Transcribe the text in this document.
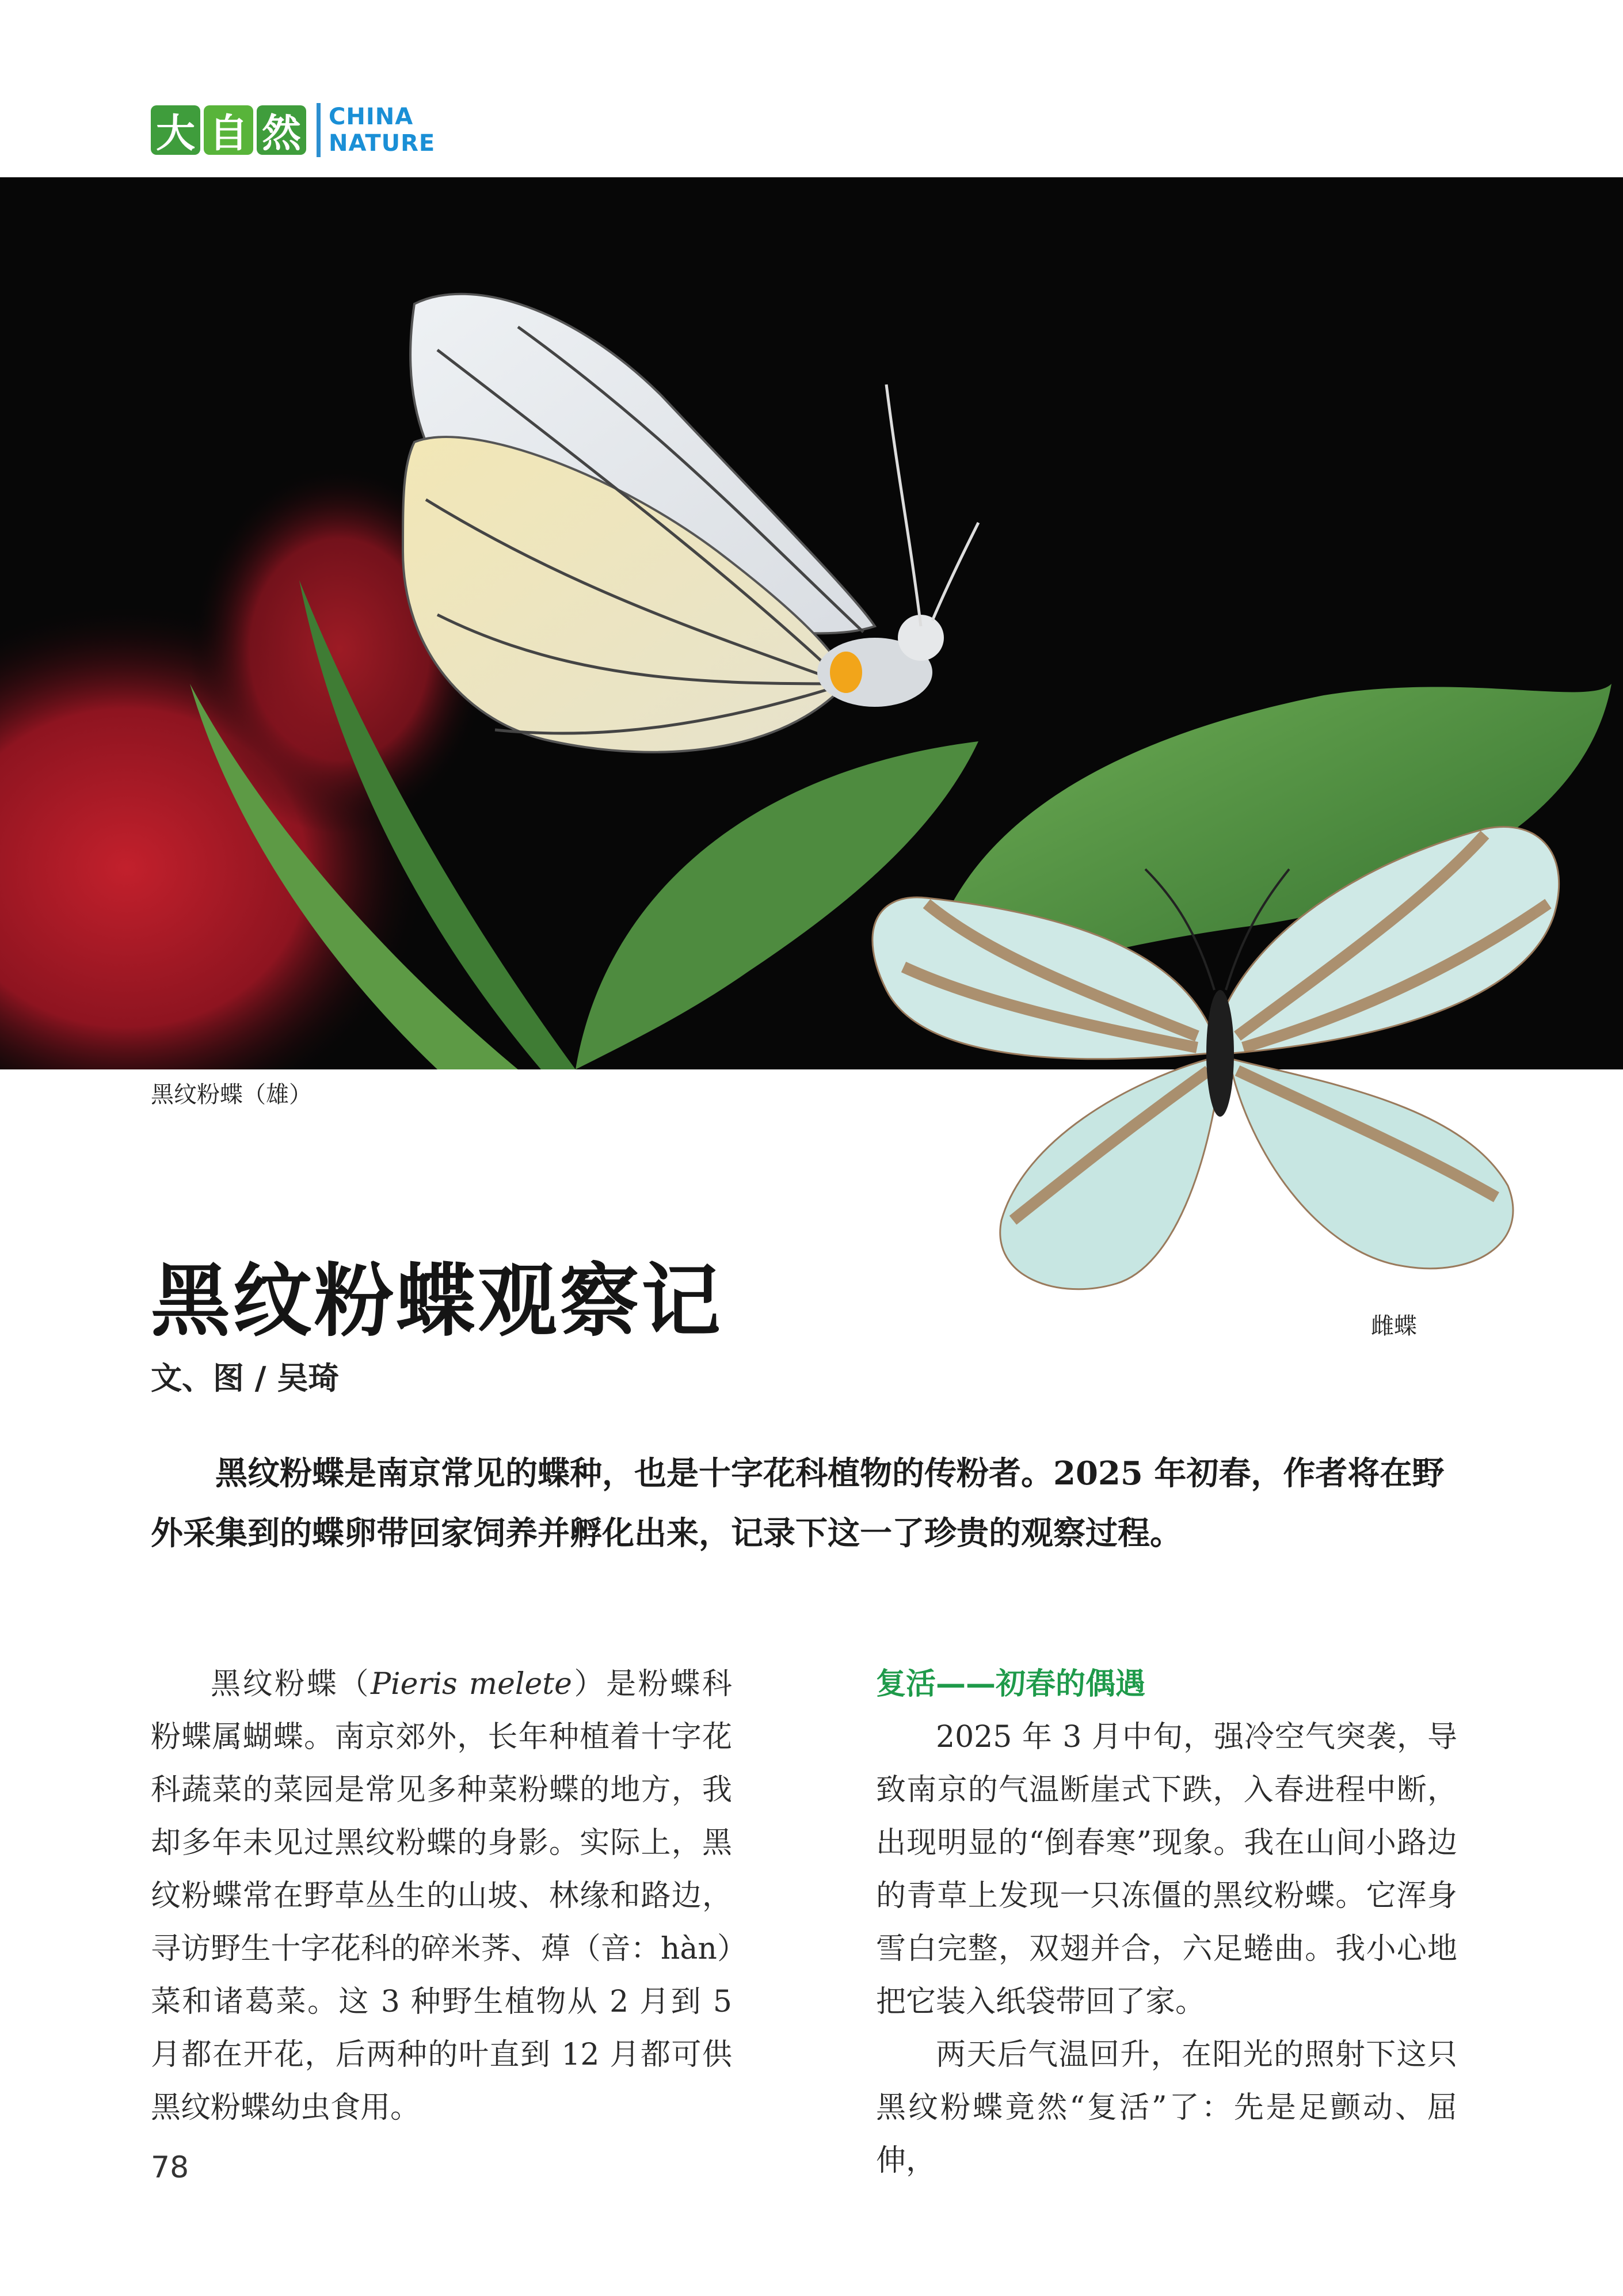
大 自 然 CHINA
NATURE
黑纹粉蝶（雄）
雌蝶
黑纹粉蝶观察记
文、图 / 吴琦

黑纹粉蝶是南京常见的蝶种，也是十字花科植物的传粉者。2025 年初春，作者将在野外采集到的蝶卵带回家饲养并孵化出来，记录下这一了珍贵的观察过程。

黑纹粉蝶（Pieris melete）是粉蝶科粉蝶属蝴蝶。南京郊外，长年种植着十字花科蔬菜的菜园是常见多种菜粉蝶的地方，我却多年未见过黑纹粉蝶的身影。实际上，黑纹粉蝶常在野草丛生的山坡、林缘和路边，寻访野生十字花科的碎米荠、蔊（音：hàn）菜和诸葛菜。这 3 种野生植物从 2 月到 5 月都在开花，后两种的叶直到 12 月都可供黑纹粉蝶幼虫食用。

复活——初春的偶遇

2025 年 3 月中旬，强冷空气突袭，导致南京的气温断崖式下跌，入春进程中断，出现明显的“倒春寒”现象。我在山间小路边的青草上发现一只冻僵的黑纹粉蝶。它浑身雪白完整，双翅并合，六足蜷曲。我小心地把它装入纸袋带回了家。

两天后气温回升，在阳光的照射下这只黑纹粉蝶竟然“复活”了：先是足颤动、屈伸，

78
